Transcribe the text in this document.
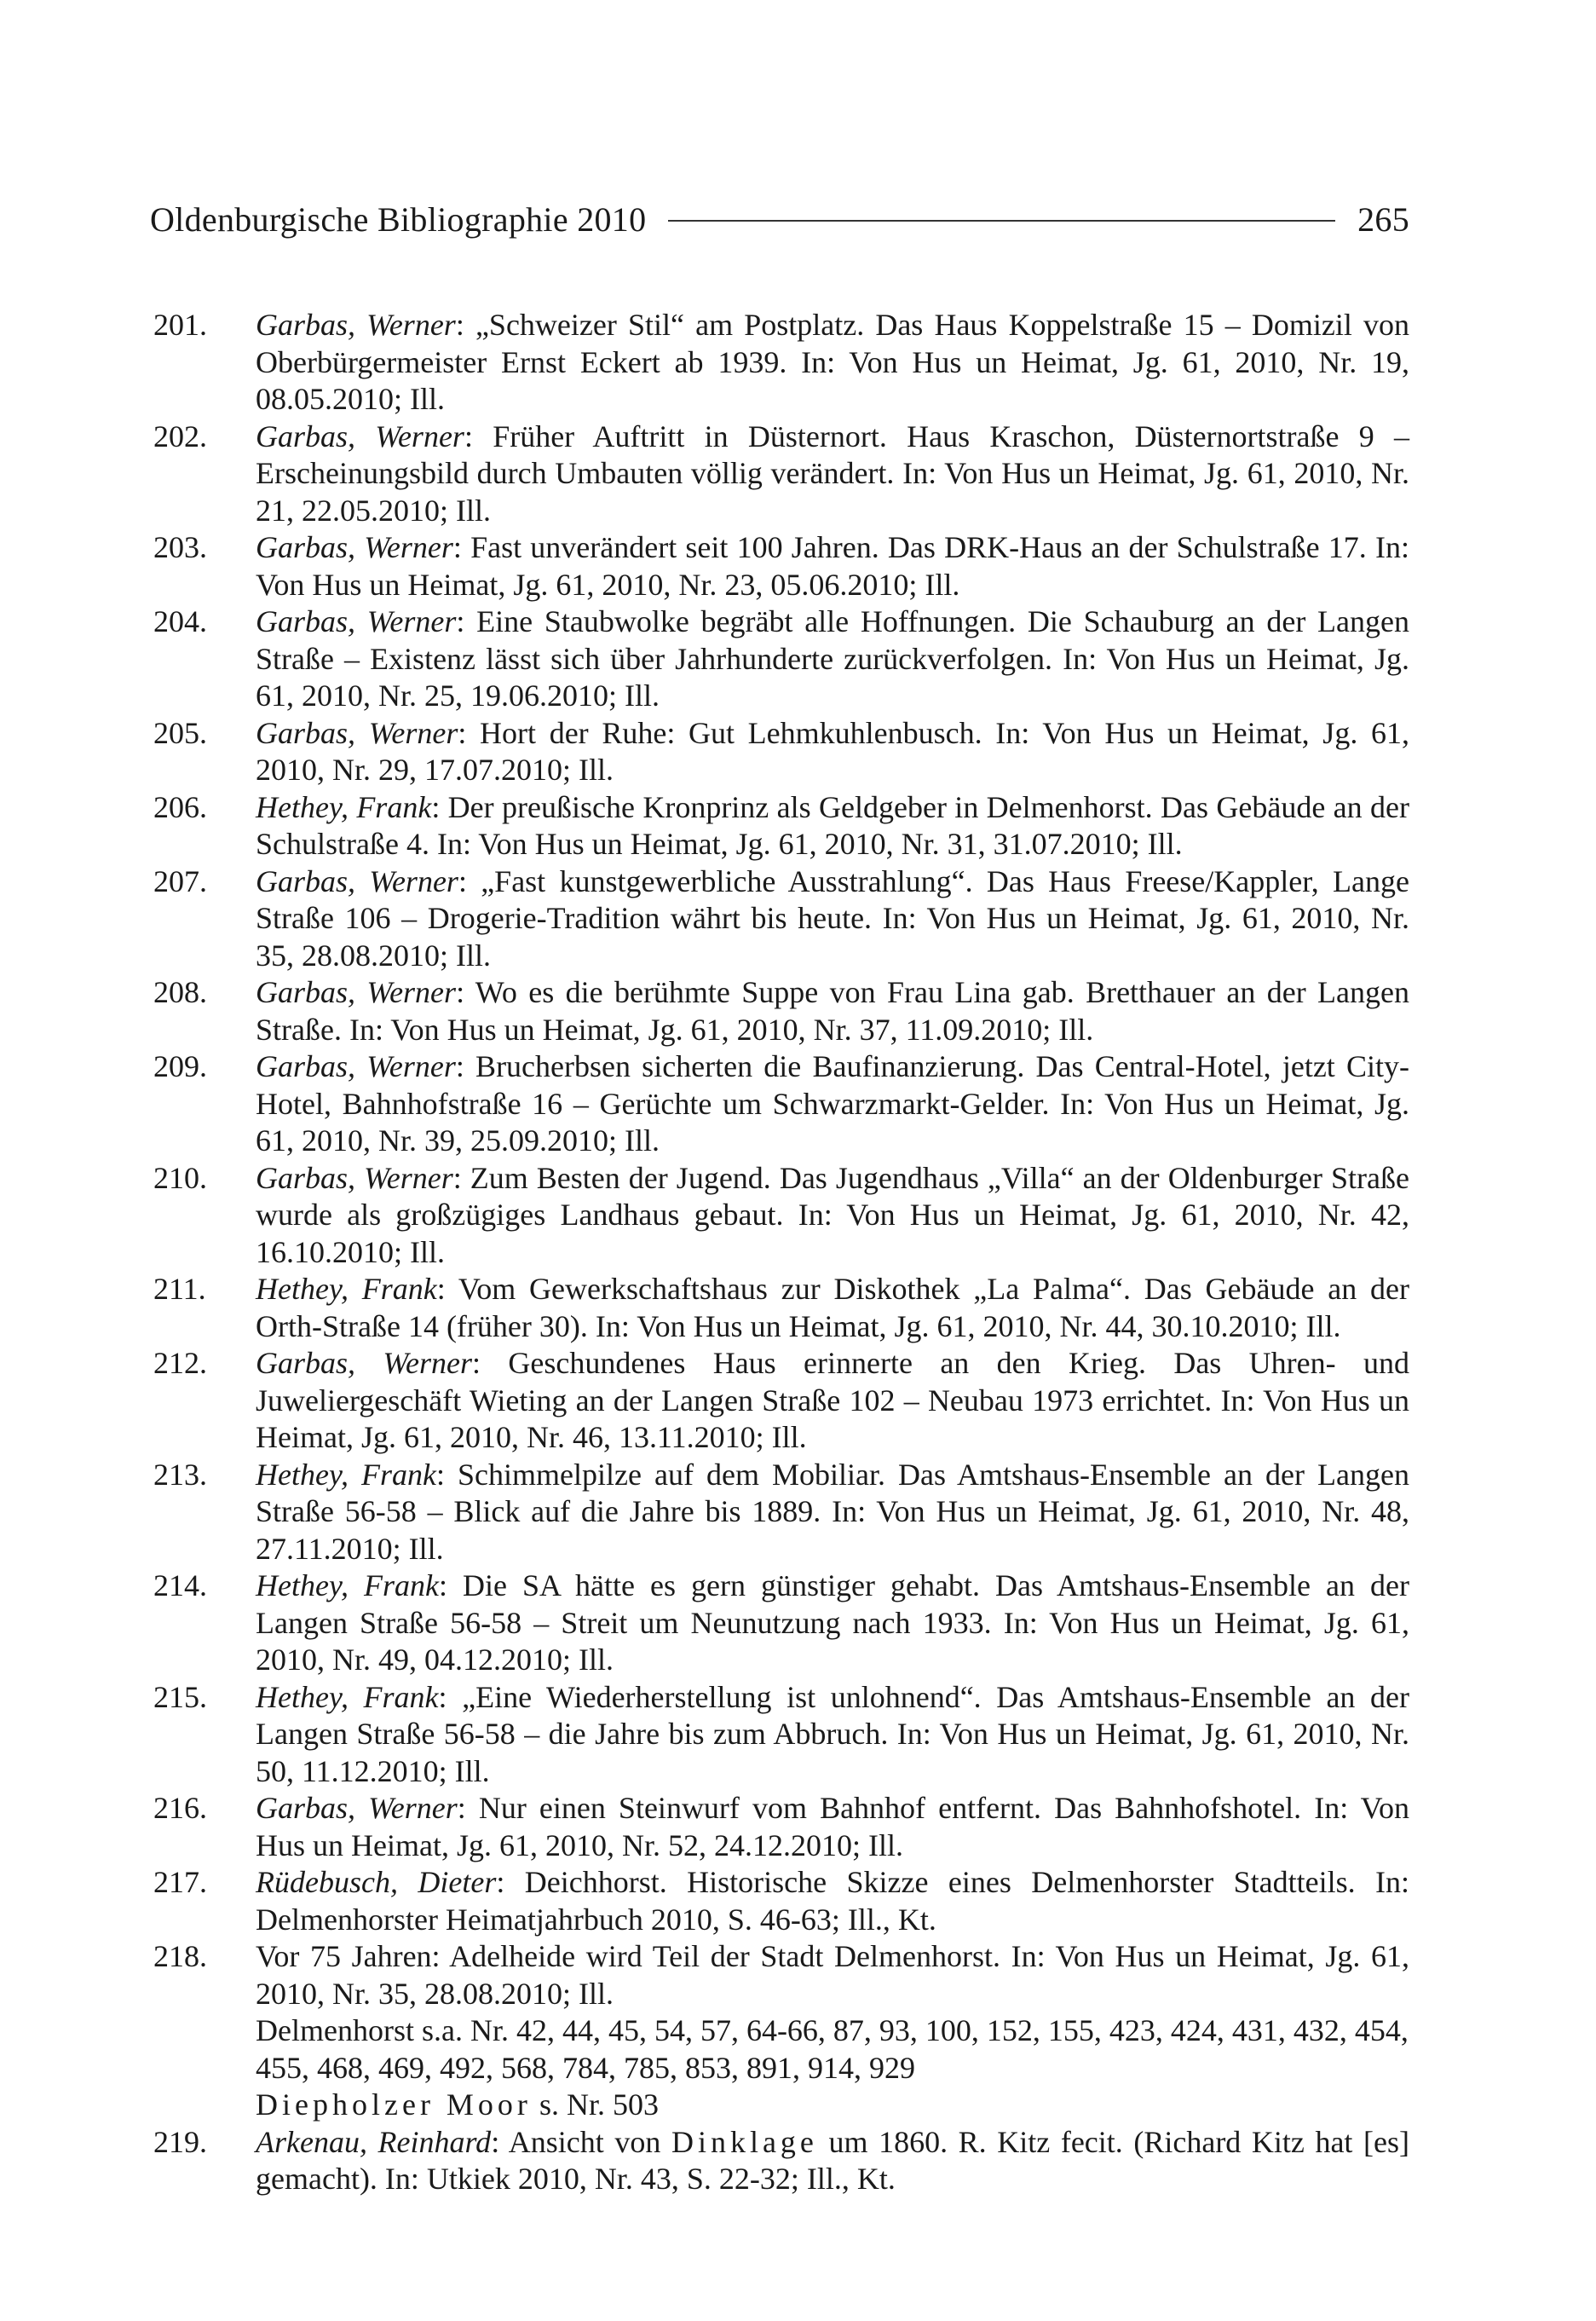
Oldenburgische Bibliographie 2010	265
201. Garbas, Werner: „Schweizer Stil“ am Postplatz. Das Haus Koppelstraße 15 – Domizil von Oberbürgermeister Ernst Eckert ab 1939. In: Von Hus un Heimat, Jg. 61, 2010, Nr. 19, 08.05.2010; Ill.
202. Garbas, Werner: Früher Auftritt in Düsternort. Haus Kraschon, Düsternortstraße 9 – Erscheinungsbild durch Umbauten völlig verändert. In: Von Hus un Heimat, Jg. 61, 2010, Nr. 21, 22.05.2010; Ill.
203. Garbas, Werner: Fast unverändert seit 100 Jahren. Das DRK-Haus an der Schulstraße 17. In: Von Hus un Heimat, Jg. 61, 2010, Nr. 23, 05.06.2010; Ill.
204. Garbas, Werner: Eine Staubwolke begräbt alle Hoffnungen. Die Schauburg an der Langen Straße – Existenz lässt sich über Jahrhunderte zurückverfolgen. In: Von Hus un Heimat, Jg. 61, 2010, Nr. 25, 19.06.2010; Ill.
205. Garbas, Werner: Hort der Ruhe: Gut Lehmkuhlenbusch. In: Von Hus un Heimat, Jg. 61, 2010, Nr. 29, 17.07.2010; Ill.
206. Hethey, Frank: Der preußische Kronprinz als Geldgeber in Delmenhorst. Das Gebäude an der Schulstraße 4. In: Von Hus un Heimat, Jg. 61, 2010, Nr. 31, 31.07.2010; Ill.
207. Garbas, Werner: „Fast kunstgewerbliche Ausstrahlung“. Das Haus Freese/Kappler, Lange Straße 106 – Drogerie-Tradition währt bis heute. In: Von Hus un Heimat, Jg. 61, 2010, Nr. 35, 28.08.2010; Ill.
208. Garbas, Werner: Wo es die berühmte Suppe von Frau Lina gab. Bretthauer an der Langen Straße. In: Von Hus un Heimat, Jg. 61, 2010, Nr. 37, 11.09.2010; Ill.
209. Garbas, Werner: Brucherbsen sicherten die Baufinanzierung. Das Central-Hotel, jetzt City-Hotel, Bahnhofstraße 16 – Gerüchte um Schwarzmarkt-Gelder. In: Von Hus un Heimat, Jg. 61, 2010, Nr. 39, 25.09.2010; Ill.
210. Garbas, Werner: Zum Besten der Jugend. Das Jugendhaus „Villa“ an der Oldenburger Straße wurde als großzügiges Landhaus gebaut. In: Von Hus un Heimat, Jg. 61, 2010, Nr. 42, 16.10.2010; Ill.
211. Hethey, Frank: Vom Gewerkschaftshaus zur Diskothek „La Palma“. Das Gebäude an der Orth-Straße 14 (früher 30). In: Von Hus un Heimat, Jg. 61, 2010, Nr. 44, 30.10.2010; Ill.
212. Garbas, Werner: Geschundenes Haus erinnerte an den Krieg. Das Uhren- und Juweliergeschäft Wieting an der Langen Straße 102 – Neubau 1973 errichtet. In: Von Hus un Heimat, Jg. 61, 2010, Nr. 46, 13.11.2010; Ill.
213. Hethey, Frank: Schimmelpilze auf dem Mobiliar. Das Amtshaus-Ensemble an der Langen Straße 56-58 – Blick auf die Jahre bis 1889. In: Von Hus un Heimat, Jg. 61, 2010, Nr. 48, 27.11.2010; Ill.
214. Hethey, Frank: Die SA hätte es gern günstiger gehabt. Das Amtshaus-Ensemble an der Langen Straße 56-58 – Streit um Neunutzung nach 1933. In: Von Hus un Heimat, Jg. 61, 2010, Nr. 49, 04.12.2010; Ill.
215. Hethey, Frank: „Eine Wiederherstellung ist unlohnend“. Das Amtshaus-Ensemble an der Langen Straße 56-58 – die Jahre bis zum Abbruch. In: Von Hus un Heimat, Jg. 61, 2010, Nr. 50, 11.12.2010; Ill.
216. Garbas, Werner: Nur einen Steinwurf vom Bahnhof entfernt. Das Bahnhofshotel. In: Von Hus un Heimat, Jg. 61, 2010, Nr. 52, 24.12.2010; Ill.
217. Rüdebusch, Dieter: Deichhorst. Historische Skizze eines Delmenhorster Stadtteils. In: Delmenhorster Heimatjahrbuch 2010, S. 46-63; Ill., Kt.
218. Vor 75 Jahren: Adelheide wird Teil der Stadt Delmenhorst. In: Von Hus un Heimat, Jg. 61, 2010, Nr. 35, 28.08.2010; Ill.
Delmenhorst s.a. Nr. 42, 44, 45, 54, 57, 64-66, 87, 93, 100, 152, 155, 423, 424, 431, 432, 454, 455, 468, 469, 492, 568, 784, 785, 853, 891, 914, 929
Diepholzer Moor s. Nr. 503
219. Arkenau, Reinhard: Ansicht von Dinklage um 1860. R. Kitz fecit. (Richard Kitz hat [es] gemacht). In: Utkiek 2010, Nr. 43, S. 22-32; Ill., Kt.
